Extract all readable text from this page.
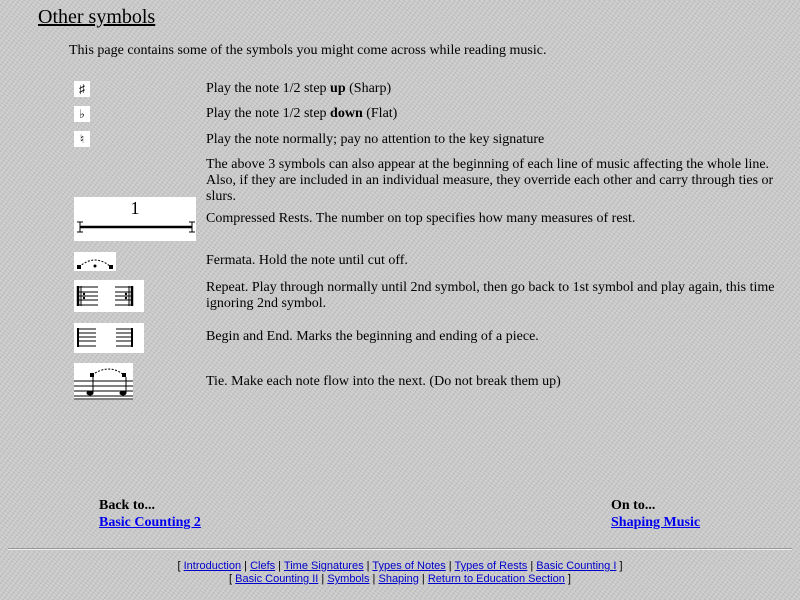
Other symbols
This page contains some of the symbols you might come across while reading music.
♯	Play the note 1/2 step up (Sharp)
♭	Play the note 1/2 step down (Flat)
♮	Play the note normally; pay no attention to the key signature
The above 3 symbols can also appear at the beginning of each line of music affecting the whole line. Also, if they are included in an individual measure, they override each other and carry through ties or slurs.
1
Compressed Rests. The number on top specifies how many measures of rest.
Fermata. Hold the note until cut off.
Repeat. Play through normally until 2nd symbol, then go back to 1st symbol and play again, this time ignoring 2nd symbol.
Begin and End. Marks the beginning and ending of a piece.
Tie. Make each note flow into the next. (Do not break them up)
Back to...
Basic Counting 2
On to...
Shaping Music
[ Introduction | Clefs | Time Signatures | Types of Notes | Types of Rests | Basic Counting I ]
[ Basic Counting II | Symbols | Shaping | Return to Education Section ]
